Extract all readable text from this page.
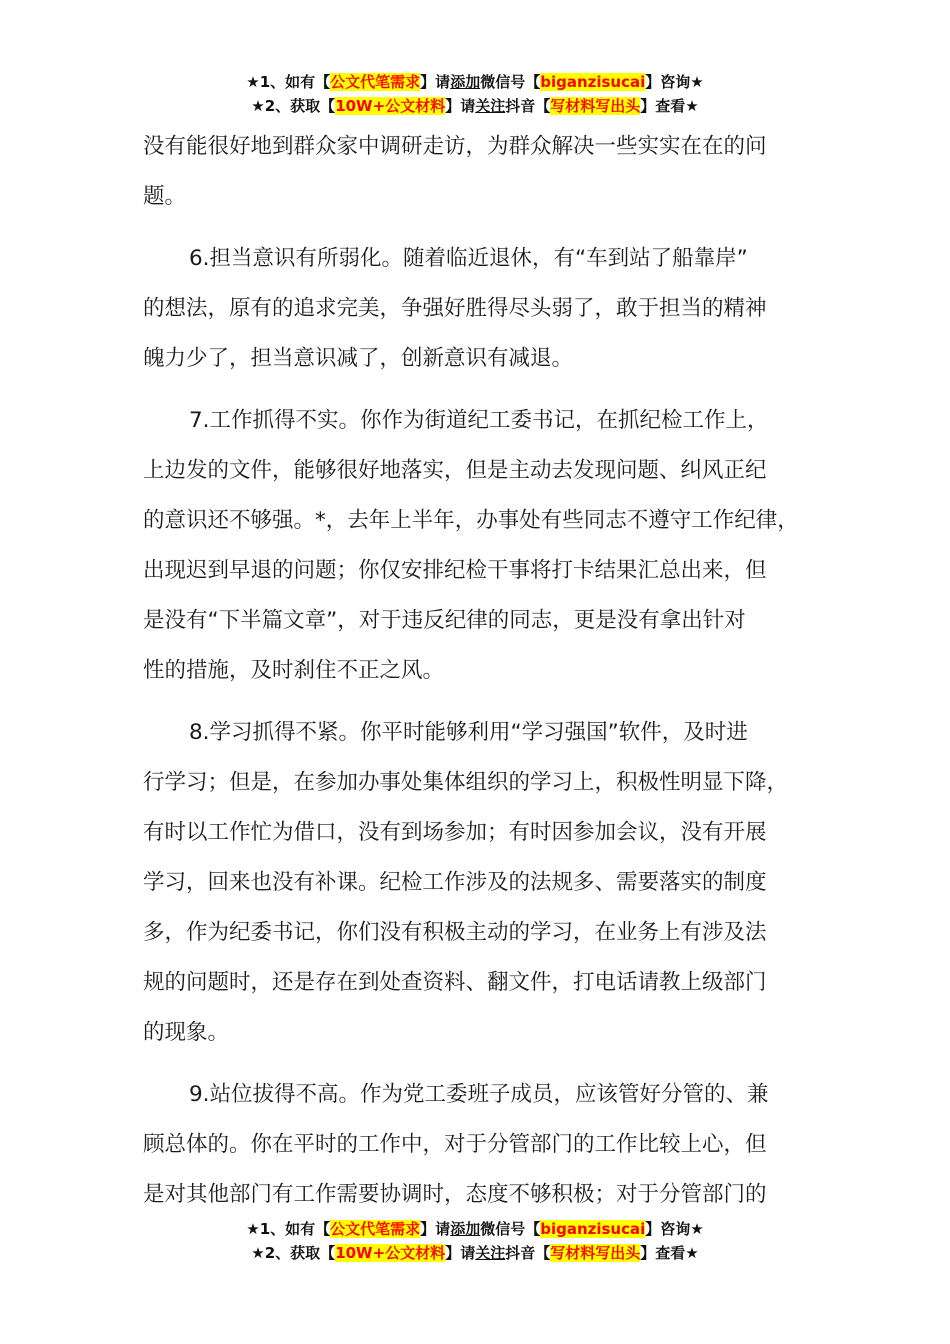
★1、如有【公文代笔需求】请添加微信号【biganzisucai】咨询★
★2、获取【10W+公文材料】请关注抖音【写材料写出头】查看★
没有能很好地到群众家中调研走访，为群众解决一些实实在在的问
题。
6.担当意识有所弱化。随着临近退休，有“车到站了船靠岸”
的想法，原有的追求完美，争强好胜得尽头弱了，敢于担当的精神
魄力少了，担当意识减了，创新意识有减退。
7.工作抓得不实。你作为街道纪工委书记，在抓纪检工作上，
上边发的文件，能够很好地落实，但是主动去发现问题、纠风正纪
的意识还不够强。*，去年上半年，办事处有些同志不遵守工作纪律，
出现迟到早退的问题；你仅安排纪检干事将打卡结果汇总出来，但
是没有“下半篇文章”，对于违反纪律的同志，更是没有拿出针对
性的措施，及时刹住不正之风。
8.学习抓得不紧。你平时能够利用“学习强国”软件，及时进
行学习；但是，在参加办事处集体组织的学习上，积极性明显下降，
有时以工作忙为借口，没有到场参加；有时因参加会议，没有开展
学习，回来也没有补课。纪检工作涉及的法规多、需要落实的制度
多，作为纪委书记，你们没有积极主动的学习，在业务上有涉及法
规的问题时，还是存在到处查资料、翻文件，打电话请教上级部门
的现象。
9.站位拔得不高。作为党工委班子成员，应该管好分管的、兼
顾总体的。你在平时的工作中，对于分管部门的工作比较上心，但
是对其他部门有工作需要协调时，态度不够积极；对于分管部门的
★1、如有【公文代笔需求】请添加微信号【biganzisucai】咨询★
★2、获取【10W+公文材料】请关注抖音【写材料写出头】查看★
